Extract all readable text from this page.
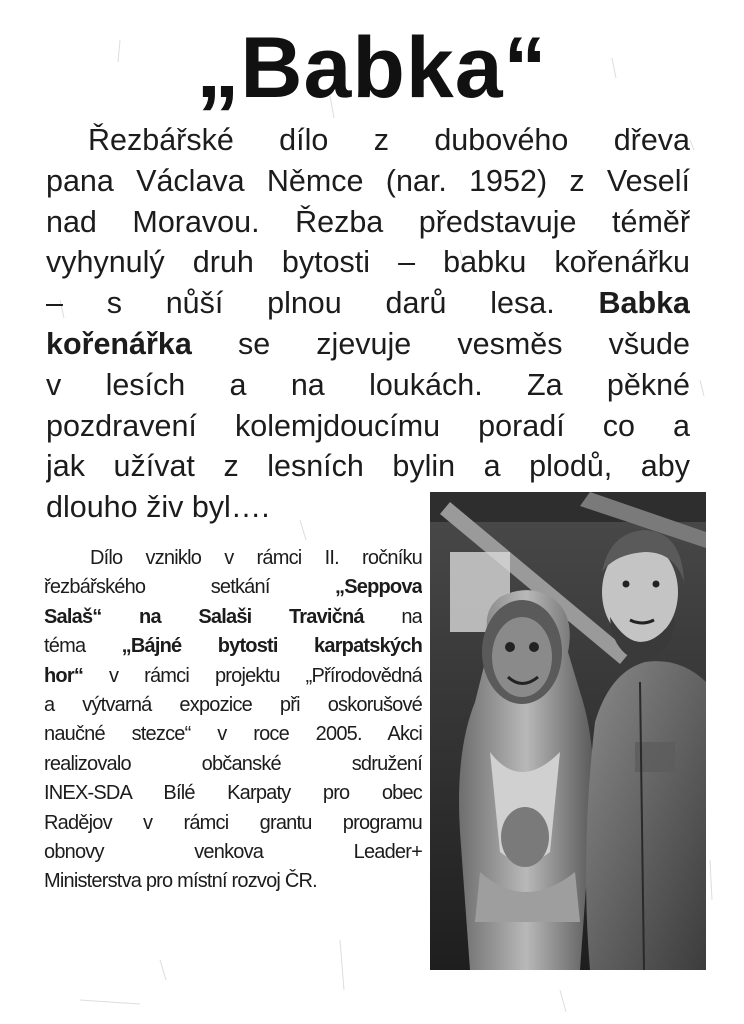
„Babka“
Řezbářské dílo z dubového dřeva
pana Václava Němce (nar. 1952) z Veselí
nad Moravou. Řezba představuje téměř
vyhynulý druh bytosti – babku kořenářku
– s nůší plnou darů lesa. Babka
kořenářka se zjevuje vesměs všude
v lesích a na loukách. Za pěkné
pozdravení kolemjdoucímu poradí co a
jak užívat z lesních bylin a plodů, aby
dlouho živ byl….
Dílo vzniklo v rámci II. ročníku
řezbářského setkání „Seppova
Salaš“ na Salaši Travičná na
téma „Bájné bytosti karpatských
hor“ v rámci projektu „Přírodovědná
a výtvarná expozice při oskorušové
naučné stezce“ v roce 2005. Akci
realizovalo občanské sdružení
INEX-SDA Bílé Karpaty pro obec
Radějov v rámci grantu programu
obnovy venkova Leader+
Ministerstva pro místní rozvoj ČR.
